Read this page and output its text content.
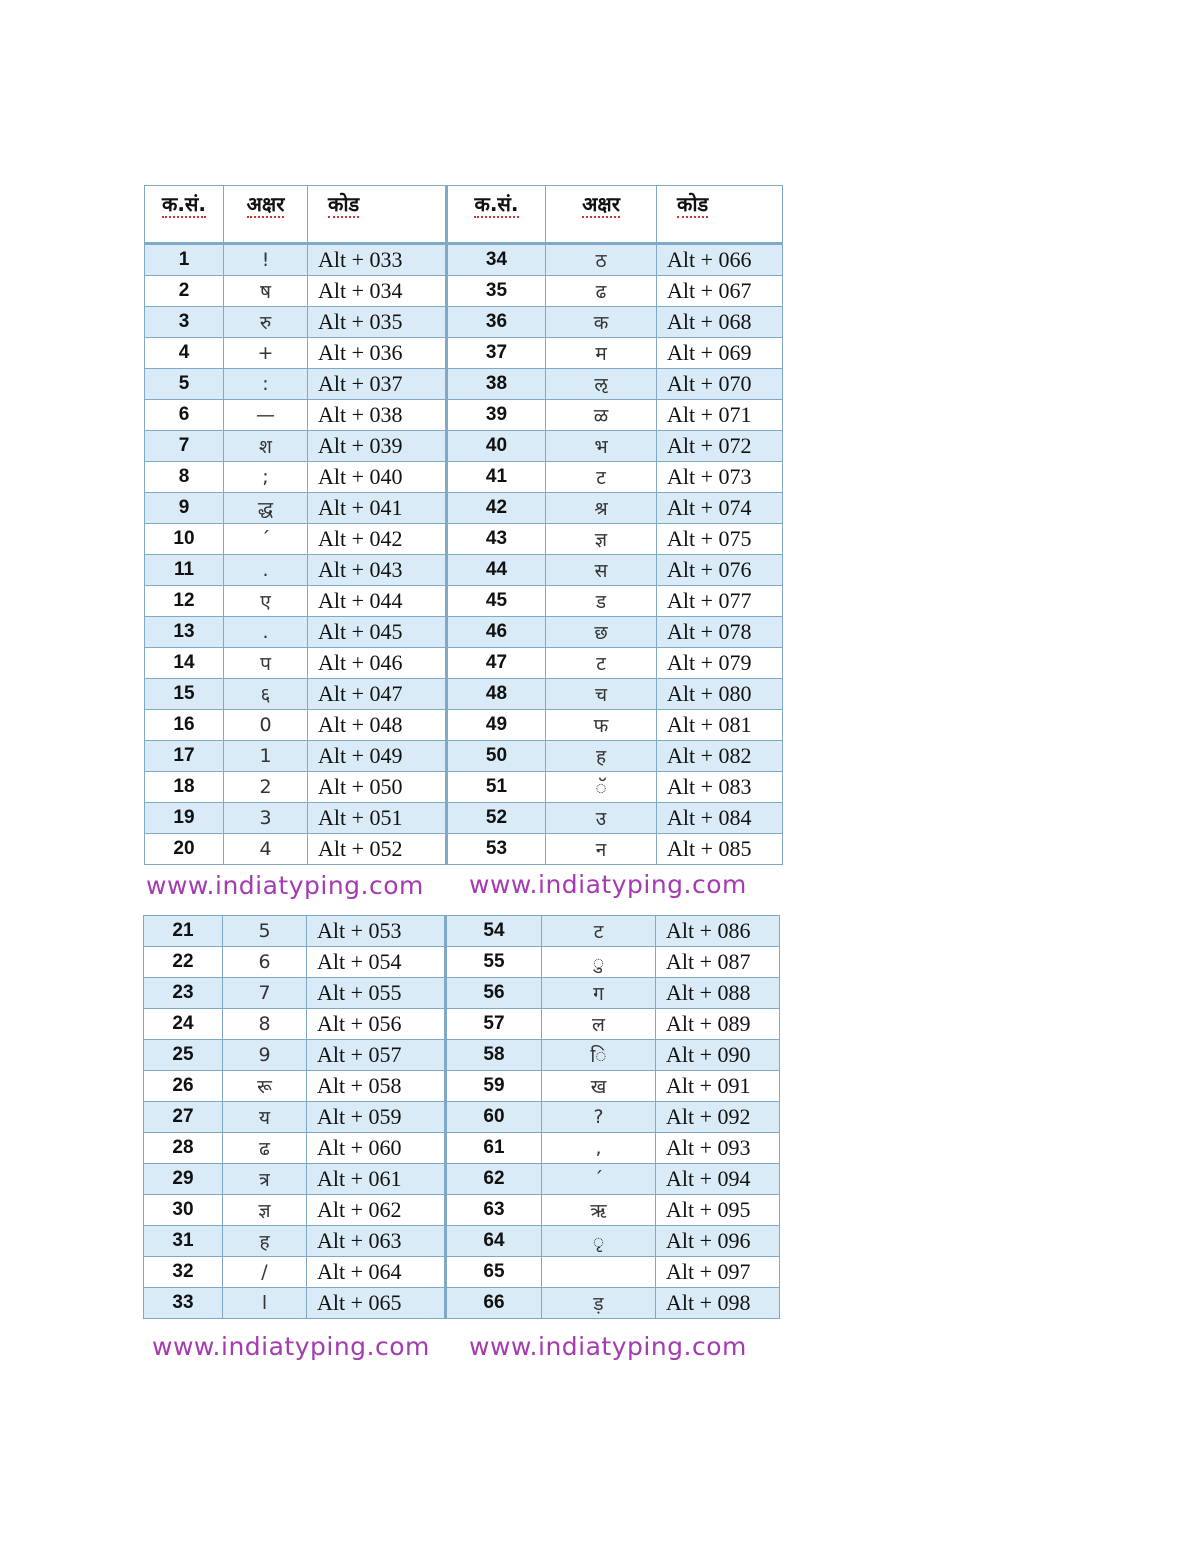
क.सं.	अक्षर	कोड	क.सं.	अक्षर	कोड
1	!	Alt + 033	34	ठ	Alt + 066
2	ष	Alt + 034	35	ढ	Alt + 067
3	रु	Alt + 035	36	क	Alt + 068
4	+	Alt + 036	37	म	Alt + 069
5	:	Alt + 037	38	ऌ	Alt + 070
6	—	Alt + 038	39	ळ	Alt + 071
7	श	Alt + 039	40	भ	Alt + 072
8	;	Alt + 040	41	ट	Alt + 073
9	द्ध	Alt + 041	42	श्र	Alt + 074
10	ˊ	Alt + 042	43	ज्ञ	Alt + 075
11	.	Alt + 043	44	स	Alt + 076
12	ए	Alt + 044	45	ड	Alt + 077
13	.	Alt + 045	46	छ	Alt + 078
14	प	Alt + 046	47	ट	Alt + 079
15	६	Alt + 047	48	च	Alt + 080
16	0	Alt + 048	49	फ	Alt + 081
17	1	Alt + 049	50	ह	Alt + 082
18	2	Alt + 050	51	ॅ	Alt + 083
19	3	Alt + 051	52	उ	Alt + 084
20	4	Alt + 052	53	न	Alt + 085
www.indiatyping.com www.indiatyping.com
21	5	Alt + 053	54	ट	Alt + 086
22	6	Alt + 054	55	ु	Alt + 087
23	7	Alt + 055	56	ग	Alt + 088
24	8	Alt + 056	57	ल	Alt + 089
25	9	Alt + 057	58	ि	Alt + 090
26	रू	Alt + 058	59	ख	Alt + 091
27	य	Alt + 059	60	?	Alt + 092
28	ढ	Alt + 060	61	,	Alt + 093
29	त्र	Alt + 061	62	ˊ	Alt + 094
30	ज्ञ	Alt + 062	63	ऋ	Alt + 095
31	ह	Alt + 063	64	ृ	Alt + 096
32	/	Alt + 064	65		Alt + 097
33	l	Alt + 065	66	ड़	Alt + 098
www.indiatyping.com www.indiatyping.com
